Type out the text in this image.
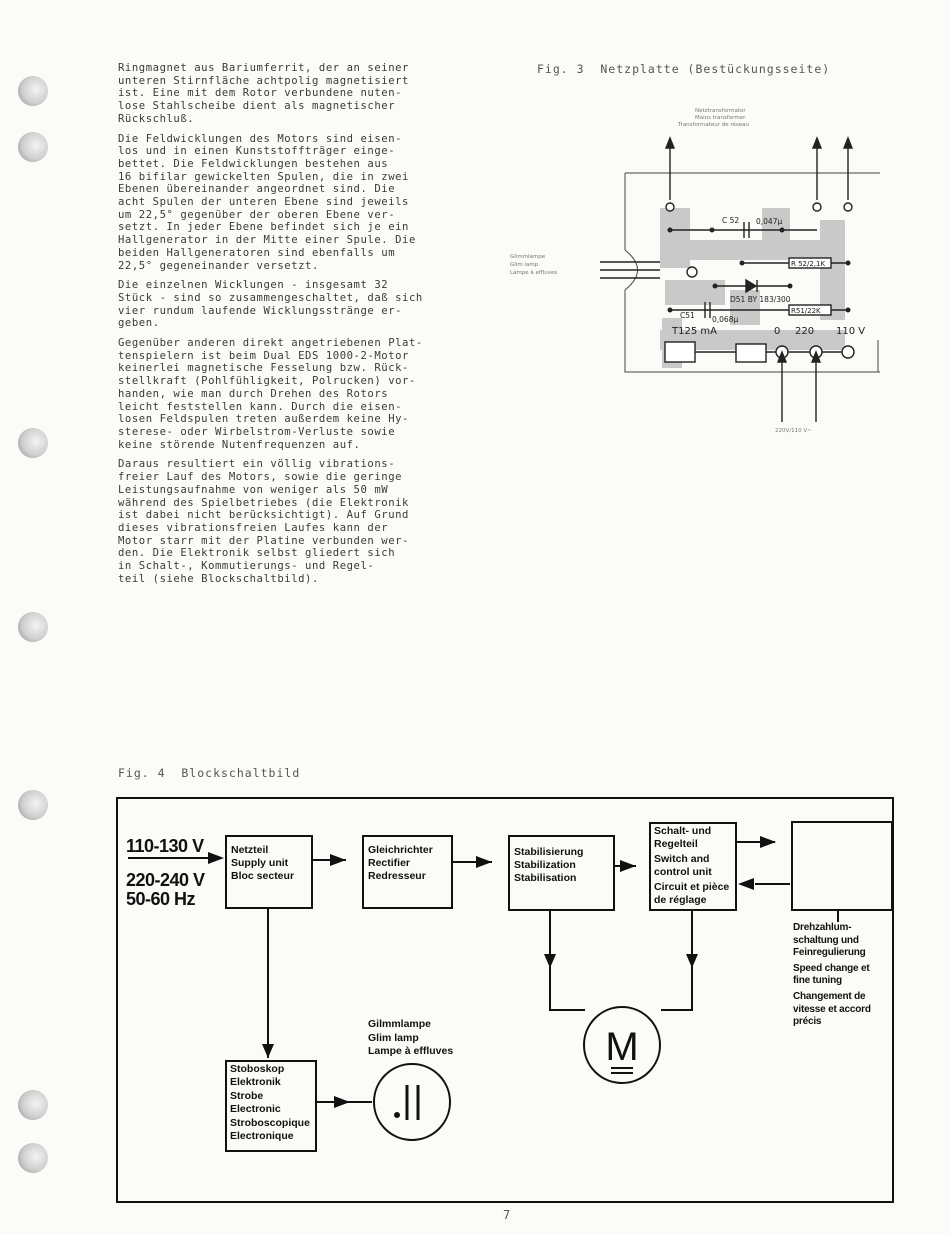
Ringmagnet aus Bariumferrit, der an seiner
unteren Stirnfläche achtpolig magnetisiert
ist. Eine mit dem Rotor verbundene nuten-
lose Stahlscheibe dient als magnetischer
Rückschluß.

Die Feldwicklungen des Motors sind eisen-
los und in einen Kunststoffträger einge-
bettet. Die Feldwicklungen bestehen aus
16 bifilar gewickelten Spulen, die in zwei
Ebenen übereinander angeordnet sind. Die
acht Spulen der unteren Ebene sind jeweils
um 22,5° gegenüber der oberen Ebene ver-
setzt. In jeder Ebene befindet sich je ein
Hallgenerator in der Mitte einer Spule. Die
beiden Hallgeneratoren sind ebenfalls um
22,5° gegeneinander versetzt.

Die einzelnen Wicklungen - insgesamt 32
Stück - sind so zusammengeschaltet, daß sich
vier rundum laufende Wicklungsstränge er-
geben.

Gegenüber anderen direkt angetriebenen Plat-
tenspielern ist beim Dual EDS 1000-2-Motor
keinerlei magnetische Fesselung bzw. Rück-
stellkraft (Pohlfühligkeit, Polrucken) vor-
handen, wie man durch Drehen des Rotors
leicht feststellen kann. Durch die eisen-
losen Feldspulen treten außerdem keine Hy-
sterese- oder Wirbelstrom-Verluste sowie
keine störende Nutenfrequenzen auf.

Daraus resultiert ein völlig vibrations-
freier Lauf des Motors, sowie die geringe
Leistungsaufnahme von weniger als 50 mW
während des Spielbetriebes (die Elektronik
ist dabei nicht berücksichtigt). Auf Grund
dieses vibrationsfreien Laufes kann der
Motor starr mit der Platine verbunden wer-
den. Die Elektronik selbst gliedert sich
in Schalt-, Kommutierungs- und Regel-
teil (siehe Blockschaltbild).

Fig. 3  Netzplatte (Bestückungsseite)
Netztransformator
Mains transformer
Transformateur de réseau
Glimmlampe
Glim lamp
Lampe à effluves
220V/110 V~
C 52 0,047μ
R 52/2,1K
D51 BY 183/300
C51 0,068μ
R51/22K
T125 mA	0 220 110 V
Fig. 4  Blockschaltbild
M
110-130 V
220-240 V
50-60 Hz
Netzteil
Supply unit
Bloc secteur
Gleichrichter
Rectifier
Redresseur
Stabilisierung
Stabilization
Stabilisation
Schalt- und
Regelteil
Switch and
control unit
Circuit et pièce
de réglage
Stoboskop
Elektronik
Strobe
Electronic
Stroboscopique
Electronique
Gilmmlampe
Glim lamp
Lampe à effluves
Drehzahlum-
schaltung und
Feinregulierung
Speed change et
fine tuning
Changement de
vitesse et accord
précis
7
